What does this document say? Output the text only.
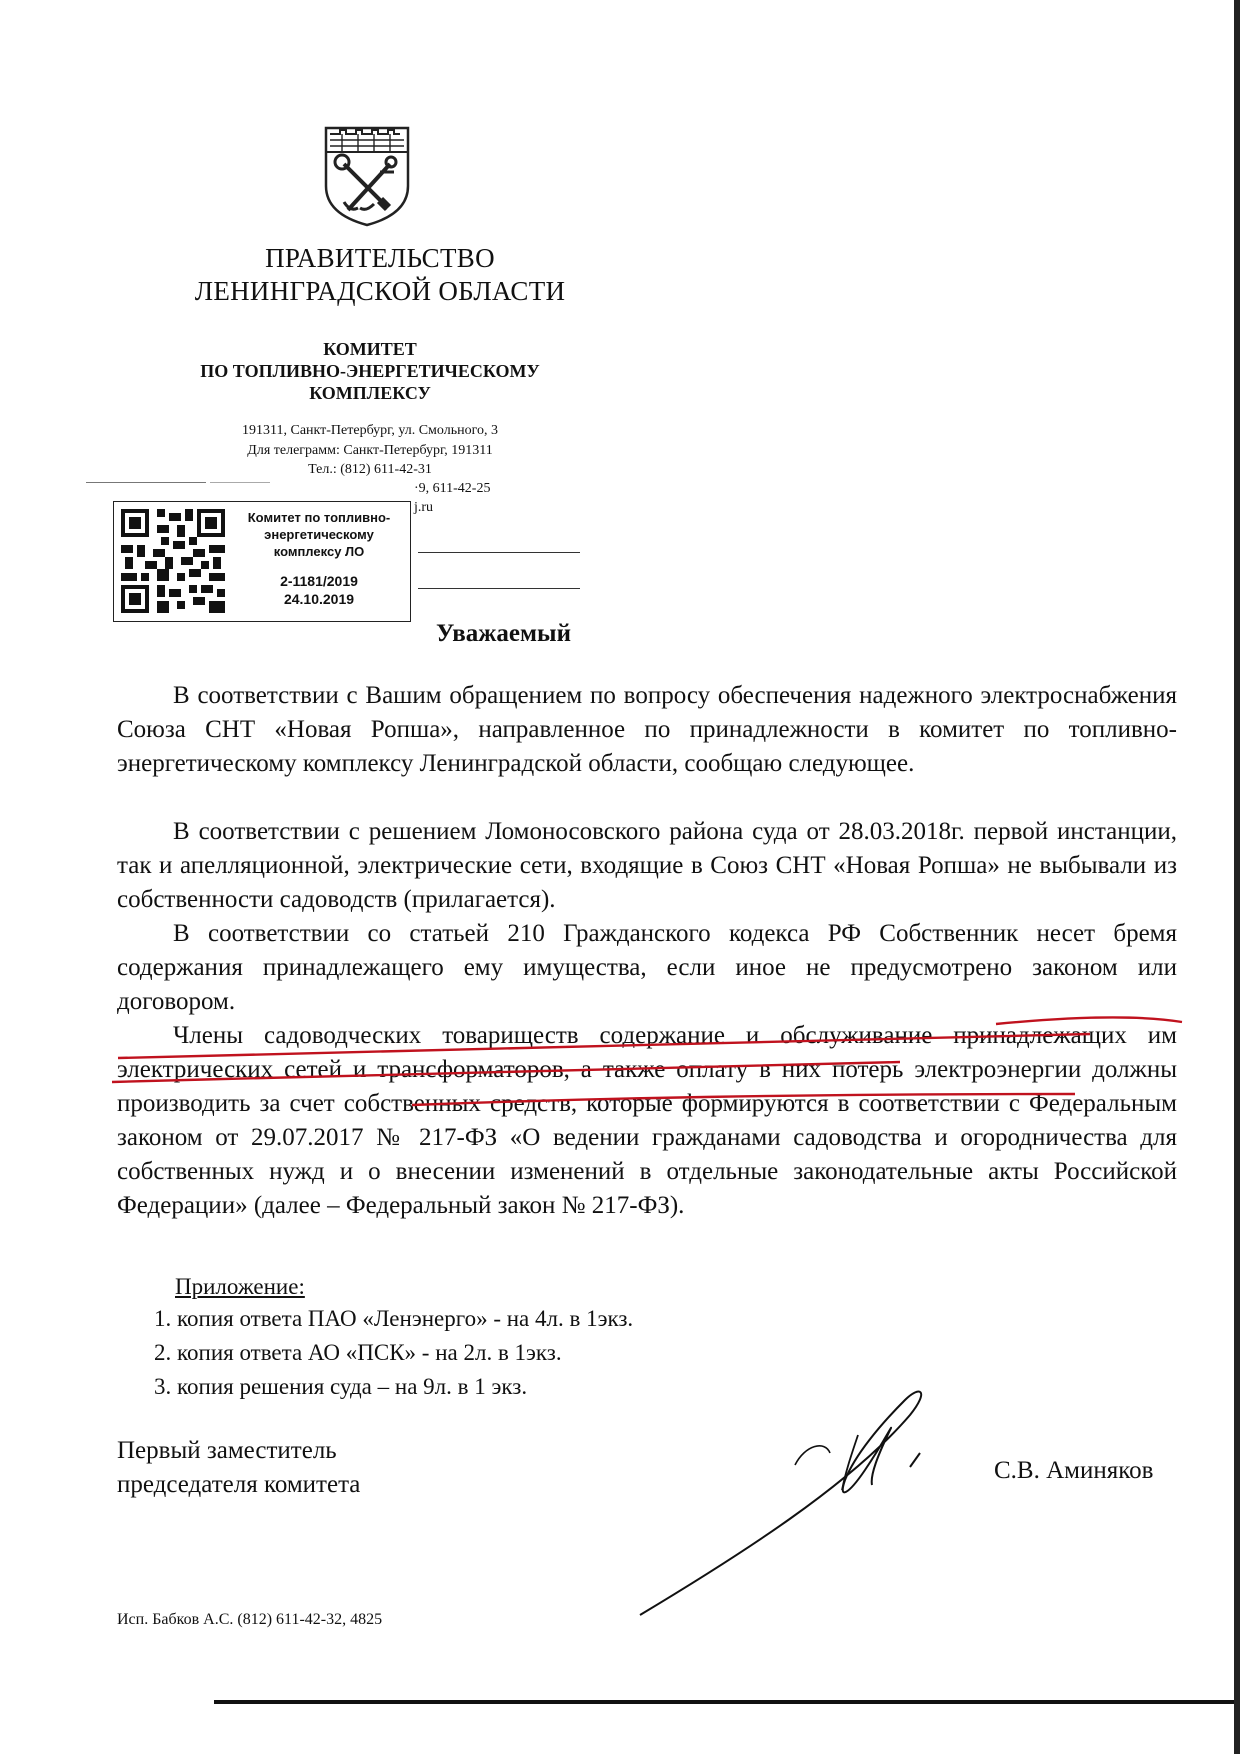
ПРАВИТЕЛЬСТВО
ЛЕНИНГРАДСКОЙ ОБЛАСТИ
КОМИТЕТ
ПО ТОПЛИВНО-ЭНЕРГЕТИЧЕСКОМУ
КОМПЛЕКСУ
191311, Санкт-Петербург, ул. Смольного, 3
Для телеграмм: Санкт-Петербург, 191311
Тел.: (812) 611-42-31
·9, 611-42-25
j.ru
Комитет по топливно-
энергетическому
комплексу ЛО
2-1181/2019
24.10.2019
Уважаемый
В соответствии с Вашим обращением по вопросу обеспечения надежного электроснабжения Союза СНТ «Новая Ропша», направленное по принадлежности в комитет по топливно-энергетическому комплексу Ленинградской области, сообщаю следующее.
В соответствии с решением Ломоносовского района суда от 28.03.2018г. первой инстанции, так и апелляционной, электрические сети, входящие в Союз СНТ «Новая Ропша» не выбывали из собственности садоводств (прилагается).
В соответствии со статьей 210 Гражданского кодекса РФ Собственник несет бремя содержания принадлежащего ему имущества, если иное не предусмотрено законом или договором.
Члены садоводческих товариществ содержание и обслуживание принадлежащих им электрических сетей и трансформаторов, а также оплату в них потерь электроэнергии должны производить за счет собственных средств, которые формируются в соответствии с Федеральным законом от 29.07.2017 № 217-ФЗ «О ведении гражданами садоводства и огородничества для собственных нужд и о внесении изменений в отдельные законодательные акты Российской Федерации» (далее – Федеральный закон № 217-ФЗ).
Приложение:
1. копия ответа ПАО «Ленэнерго» - на 4л. в 1экз.
2. копия ответа АО «ПСК» - на 2л. в 1экз.
3. копия решения суда – на 9л. в 1 экз.
Первый заместитель
председателя комитета
С.В. Аминяков
Исп. Бабков А.С. (812) 611-42-32, 4825
